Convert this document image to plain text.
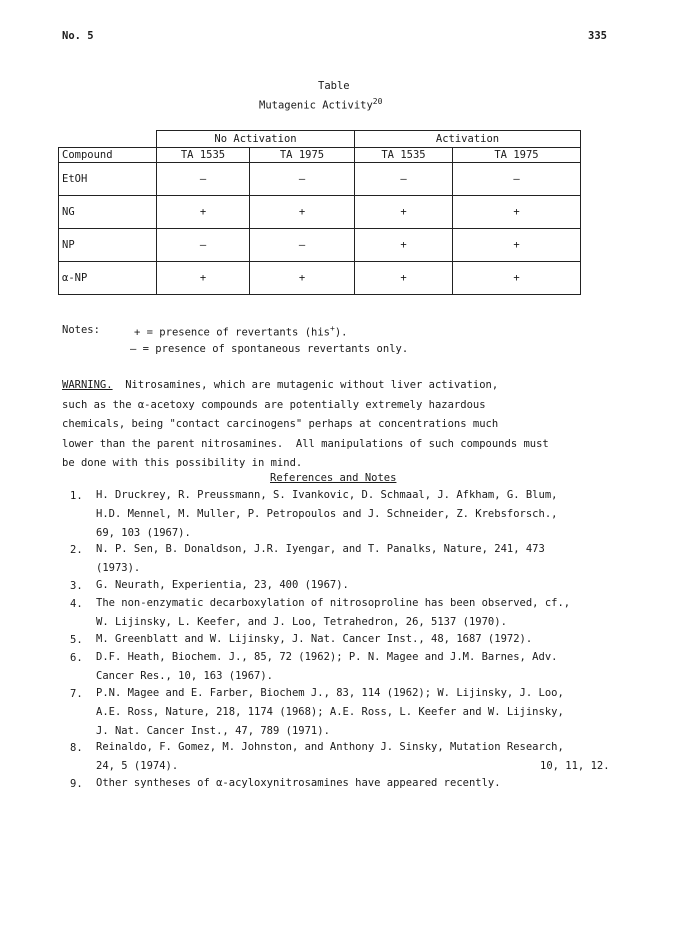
No. 5	335
Table
Mutagenic Activity$^{20}$
	No Activation		Activation	
Compound	TA 1535	TA 1975	TA 1535	TA 1975
EtOH	—	—	—	—
NG	+	+	+	+
NP	—	—	+	+
α-NP	+	+	+	+
Notes:	+ = presence of revertants (his+).
— = presence of spontaneous revertants only.
WARNING.  Nitrosamines, which are mutagenic without liver activation,
such as the α-acetoxy compounds are potentially extremely hazardous
chemicals, being "contact carcinogens" perhaps at concentrations much
lower than the parent nitrosamines.  All manipulations of such compounds must
be done with this possibility in mind.
References and Notes
1. H. Druckrey, R. Preussmann, S. Ivankovic, D. Schmaal, J. Afkham, G. Blum,
H.D. Mennel, M. Muller, P. Petropoulos and J. Schneider, Z. Krebsforsch.,
69, 103 (1967).
2. N. P. Sen, B. Donaldson, J.R. Iyengar, and T. Panalks, Nature, 241, 473
(1973).
3. G. Neurath, Experientia, 23, 400 (1967).
4. The non-enzymatic decarboxylation of nitrosoproline has been observed, cf.,
W. Lijinsky, L. Keefer, and J. Loo, Tetrahedron, 26, 5137 (1970).
5. M. Greenblatt and W. Lijinsky, J. Nat. Cancer Inst., 48, 1687 (1972).
6. D.F. Heath, Biochem. J., 85, 72 (1962); P. N. Magee and J.M. Barnes, Adv.
Cancer Res., 10, 163 (1967).
7. P.N. Magee and E. Farber, Biochem J., 83, 114 (1962); W. Lijinsky, J. Loo,
A.E. Ross, Nature, 218, 1174 (1968); A.E. Ross, L. Keefer and W. Lijinsky,
J. Nat. Cancer Inst., 47, 789 (1971).
8. Reinaldo, F. Gomez, M. Johnston, and Anthony J. Sinsky, Mutation Research,
24, 5 (1974).
9. Other syntheses of α-acyloxynitrosamines have appeared recently.
10, 11, 12.
